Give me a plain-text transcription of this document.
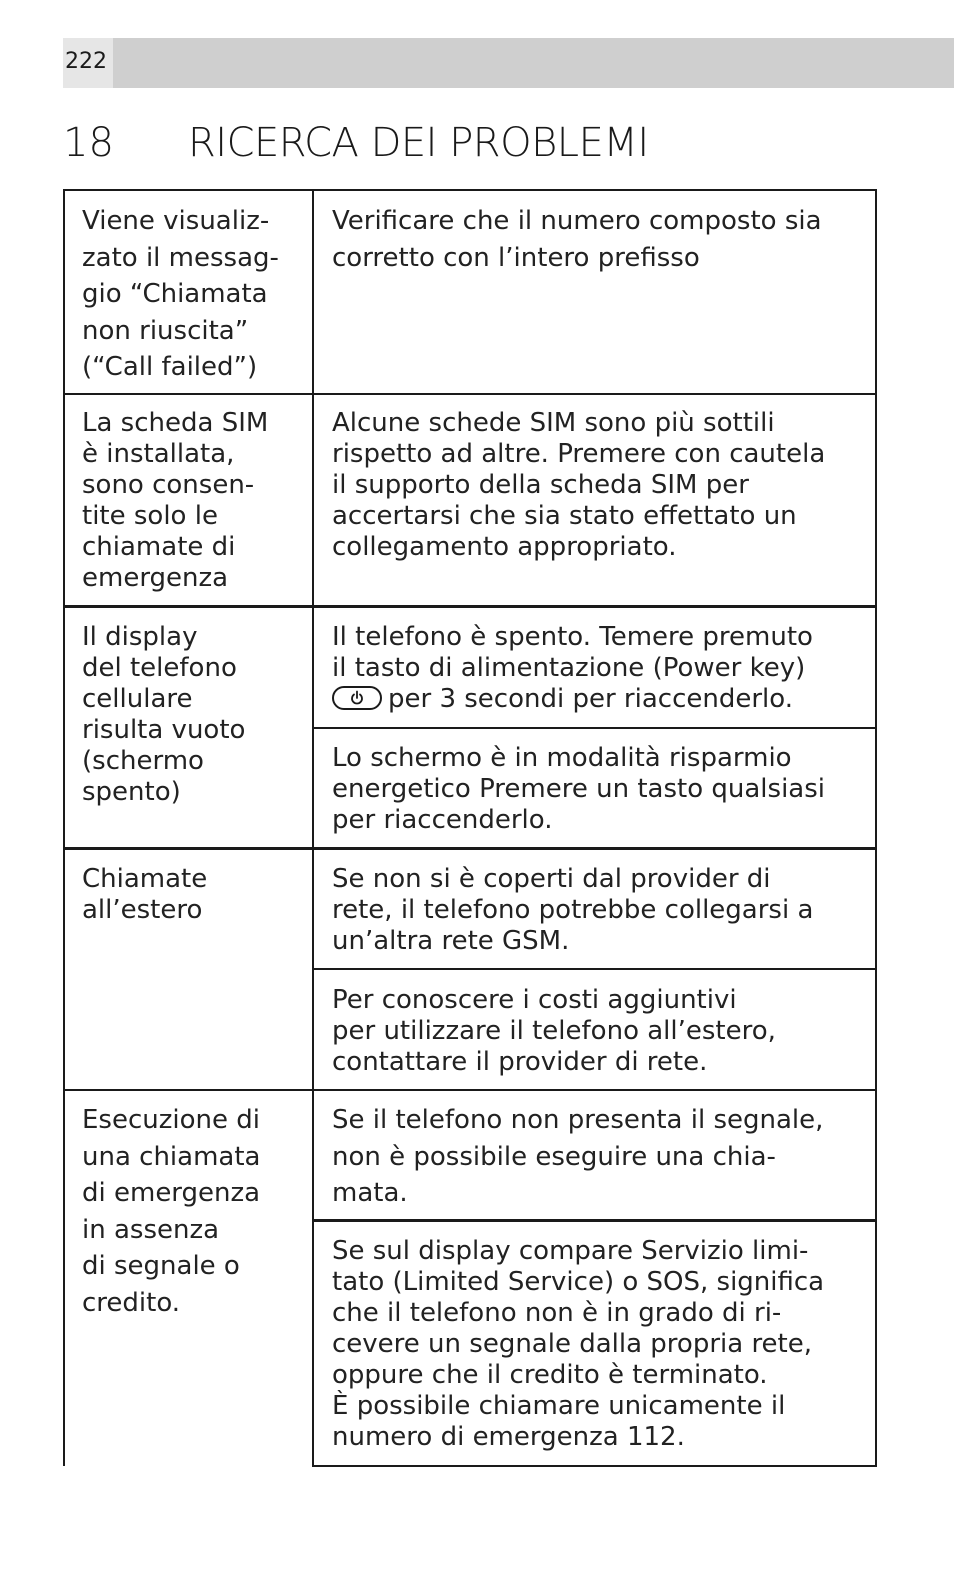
222
18 RICERCA DEI PROBLEMI
Viene visualiz-
zato il messag-
gio “Chiamata
non riuscita”
(“Call failed”)
Verificare che il numero composto sia
corretto con l’intero prefisso
La scheda SIM
è installata,
sono consen-
tite solo le
chiamate di
emergenza
Alcune schede SIM sono più sottili
rispetto ad altre. Premere con cautela
il supporto della scheda SIM per
accertarsi che sia stato effettato un
collegamento appropriato.
Il display
del telefono
cellulare
risulta vuoto
(schermo
spento)
Il telefono è spento. Temere premuto
il tasto di alimentazione (Power key)
per 3 secondi per riaccenderlo.
Lo schermo è in modalità risparmio
energetico Premere un tasto qualsiasi
per riaccenderlo.
Chiamate
all’estero
Se non si è coperti dal provider di
rete, il telefono potrebbe collegarsi a
un’altra rete GSM.
Per conoscere i costi aggiuntivi
per utilizzare il telefono all’estero,
contattare il provider di rete.
Esecuzione di
una chiamata
di emergenza
in assenza
di segnale o
credito.
Se il telefono non presenta il segnale,
non è possibile eseguire una chia-
mata.
Se sul display compare Servizio limi-
tato (Limited Service) o SOS, significa
che il telefono non è in grado di ri-
cevere un segnale dalla propria rete,
oppure che il credito è terminato.
È possibile chiamare unicamente il
numero di emergenza 112.
